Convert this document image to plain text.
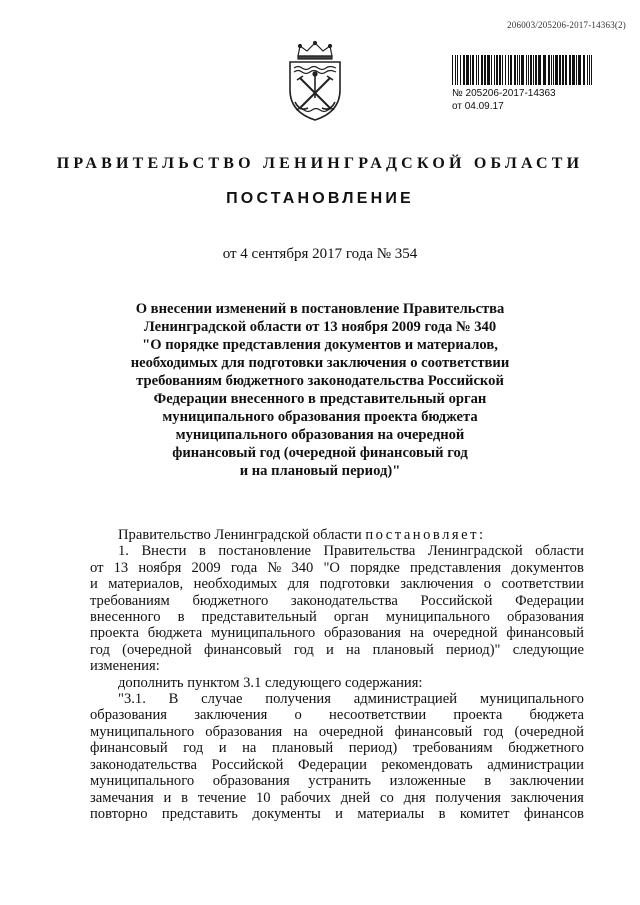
206003/205206-2017-14363(2)
№ 205206-2017-14363
от 04.09.17
ПРАВИТЕЛЬСТВО ЛЕНИНГРАДСКОЙ ОБЛАСТИ
ПОСТАНОВЛЕНИЕ
от 4 сентября 2017 года № 354
О внесении изменений в постановление Правительства
Ленинградской области от 13 ноября 2009 года № 340
"О порядке представления документов и материалов,
необходимых для подготовки заключения о соответствии
требованиям бюджетного законодательства Российской
Федерации внесенного в представительный орган
муниципального образования проекта бюджета
муниципального образования на очередной
финансовый год (очередной финансовый год
и на плановый период)"
Правительство Ленинградской области постановляет:
1. Внести в постановление Правительства Ленинградской области
от 13 ноября 2009 года № 340 "О порядке представления документов
и материалов, необходимых для подготовки заключения о соответствии
требованиям бюджетного законодательства Российской Федерации
внесенного в представительный орган муниципального образования
проекта бюджета муниципального образования на очередной финансовый
год (очередной финансовый год и на плановый период)" следующие
изменения:
дополнить пунктом 3.1 следующего содержания:
"3.1. В случае получения администрацией муниципального
образования заключения о несоответствии проекта бюджета
муниципального образования на очередной финансовый год (очередной
финансовый год и на плановый период) требованиям бюджетного
законодательства Российской Федерации рекомендовать администрации
муниципального образования устранить изложенные в заключении
замечания и в течение 10 рабочих дней со дня получения заключения
повторно представить документы и материалы в комитет финансов
